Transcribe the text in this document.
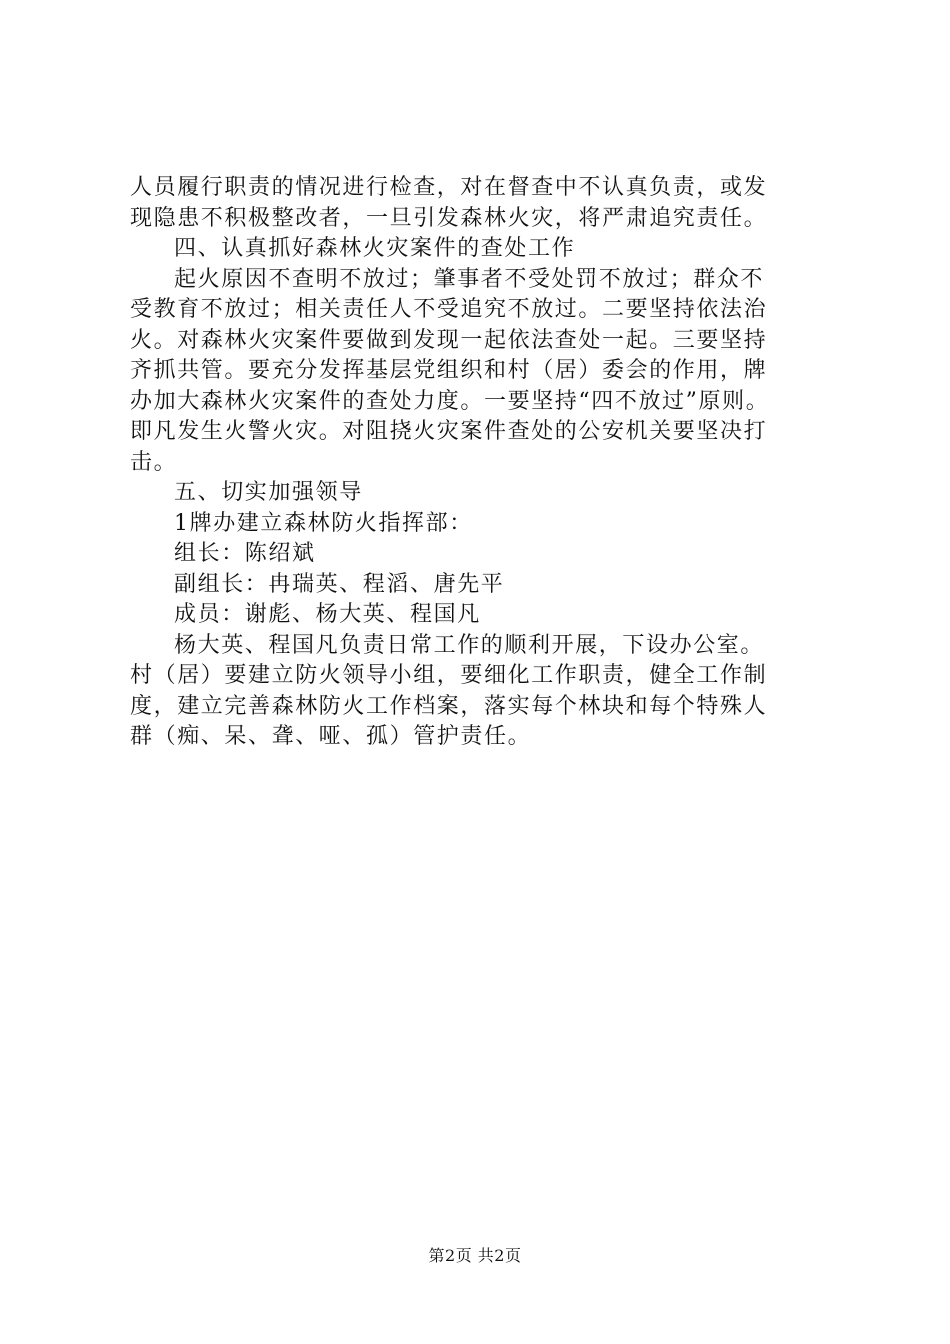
人员履行职责的情况进行检查，对在督查中不认真负责，或发
现隐患不积极整改者，一旦引发森林火灾，将严肃追究责任。
四、认真抓好森林火灾案件的查处工作
起火原因不查明不放过；肇事者不受处罚不放过；群众不
受教育不放过；相关责任人不受追究不放过。二要坚持依法治
火。对森林火灾案件要做到发现一起依法查处一起。三要坚持
齐抓共管。要充分发挥基层党组织和村（居）委会的作用，牌
办加大森林火灾案件的查处力度。一要坚持“四不放过”原则。
即凡发生火警火灾。对阻挠火灾案件查处的公安机关要坚决打
击。
五、切实加强领导
1牌办建立森林防火指挥部：
组长：陈绍斌
副组长：冉瑞英、程滔、唐先平
成员：谢彪、杨大英、程国凡
杨大英、程国凡负责日常工作的顺利开展，下设办公室。
村（居）要建立防火领导小组，要细化工作职责，健全工作制
度，建立完善森林防火工作档案，落实每个林块和每个特殊人
群（痴、呆、聋、哑、孤）管护责任。
第2页 共2页
